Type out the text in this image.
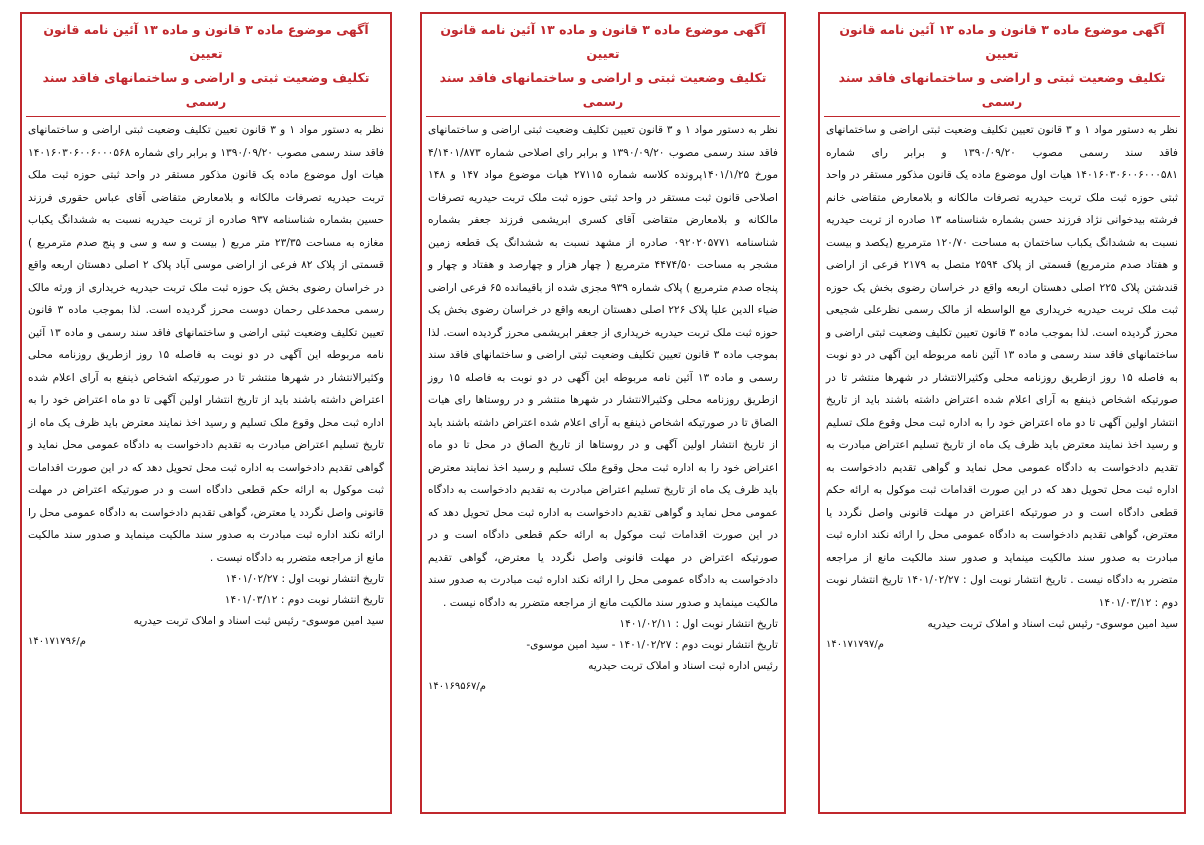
آگهی موضوع ماده ۳ قانون و ماده ۱۳ آئین نامه قانون تعیین
تکلیف وضعیت ثبتی و اراضی و ساختمانهای فاقد سند رسمی

نظر به دستور مواد ۱ و ۳ قانون تعیین تکلیف وضعیت ثبتی اراضی و ساختمانهای فاقد سند رسمی مصوب ۱۳۹۰/۰۹/۲۰ و برابر رای شماره ۱۴۰۱۶۰۳۰۶۰۰۶۰۰۰۵۸۱ هیات اول موضوع ماده یک قانون مذکور مستقر در واحد ثبتی حوزه ثبت ملک تربت حیدریه تصرفات مالکانه و بلامعارض متقاضی خانم فرشته بیدخوانی نژاد فرزند حسن بشماره شناسنامه ۱۳ صادره از تربت حیدریه نسبت به ششدانگ یکباب ساختمان به مساحت ۱۲۰/۷۰ مترمربع (یکصد و بیست و هفتاد صدم مترمربع) قسمتی از پلاک ۲۵۹۴ متصل به ۲۱۷۹ فرعی از اراضی قندشتن پلاک ۲۲۵ اصلی دهستان اربعه واقع در خراسان رضوی بخش یک حوزه ثبت ملک تربت حیدریه خریداری مع الواسطه از مالک رسمی نظرعلی شجیعی محرز گردیده است. لذا بموجب ماده ۳ قانون تعیین تکلیف وضعیت ثبتی اراضی و ساختمانهای فاقد سند رسمی و ماده ۱۳ آئین نامه مربوطه این آگهی در دو نوبت به فاصله ۱۵ روز ازطریق روزنامه محلی وکثیرالانتشار در شهرها منتشر تا در صورتیکه اشخاص ذینفع به آرای اعلام شده اعتراض داشته باشند باید از تاریخ انتشار اولین آگهی تا دو ماه اعتراض خود را به اداره ثبت محل وقوع ملک تسلیم و رسید اخذ نمایند معترض باید ظرف یک ماه از تاریخ تسلیم اعتراض مبادرت به تقدیم دادخواست به دادگاه عمومی محل نماید و گواهی تقدیم دادخواست به اداره ثبت محل تحویل دهد که در این صورت اقدامات ثبت موکول به ارائه حکم قطعی دادگاه است و در صورتیکه اعتراض در مهلت قانونی واصل نگردد یا معترض، گواهی تقدیم دادخواست به دادگاه عمومی محل را ارائه نکند اداره ثبت مبادرت به صدور سند مالکیت مینماید و صدور سند مالکیت مانع از مراجعه متضرر به دادگاه نیست . تاریخ انتشار نوبت اول : ۱۴۰۱/۰۲/۲۷ تاریخ انتشار نوبت دوم : ۱۴۰۱/۰۳/۱۲

سید امین موسوی- رئیس ثبت اسناد و املاک تربت حیدریه
م/۱۴۰۱۷۱۷۹۷

آگهی موضوع ماده ۳ قانون و ماده ۱۳ آئین نامه قانون تعیین
تکلیف وضعیت ثبتی و اراضی و ساختمانهای فاقد سند رسمی

نظر به دستور مواد ۱ و ۳ قانون تعیین تکلیف وضعیت ثبتی اراضی و ساختمانهای فاقد سند رسمی مصوب ۱۳۹۰/۰۹/۲۰ و برابر رای اصلاحی شماره ۴/۱۴۰۱/۸۷۳ مورخ ۱۴۰۱/۱/۲۵پرونده کلاسه شماره ۲۷۱۱۵ هیات موضوع مواد ۱۴۷ و ۱۴۸ اصلاحی قانون ثبت مستقر در واحد ثبتی حوزه ثبت ملک تربت حیدریه تصرفات مالکانه و بلامعارض متقاضی آقای کسری ابریشمی فرزند جعفر بشماره شناسنامه ۰۹۲۰۲۰۵۷۷۱ صادره از مشهد نسبت به ششدانگ یک قطعه زمین مشجر به مساحت ۴۴۷۴/۵۰ مترمربع ( چهار هزار و چهارصد و هفتاد و چهار و پنجاه صدم مترمربع ) پلاک شماره ۹۳۹ مجزی شده از باقیمانده ۶۵ فرعی اراضی ضیاء الدین علیا پلاک ۲۲۶ اصلی دهستان اربعه واقع در خراسان رضوی بخش یک حوزه ثبت ملک تربت حیدریه خریداری از جعفر ابریشمی محرز گردیده است. لذا بموجب ماده ۳ قانون تعیین تکلیف وضعیت ثبتی اراضی و ساختمانهای فاقد سند رسمی و ماده ۱۳ آئین نامه مربوطه این آگهی در دو نوبت به فاصله ۱۵ روز ازطریق روزنامه محلی وکثیرالانتشار در شهرها منتشر و در روستاها رای هیات الصاق تا در صورتیکه اشخاص ذینفع به آرای اعلام شده اعتراض داشته باشند باید از تاریخ انتشار اولین آگهی و در روستاها از تاریخ الصاق در محل تا دو ماه اعتراض خود را به اداره ثبت محل وقوع ملک تسلیم و رسید اخذ نمایند معترض باید ظرف یک ماه از تاریخ تسلیم اعتراض مبادرت به تقدیم دادخواست به دادگاه عمومی محل نماید و گواهی تقدیم دادخواست به اداره ثبت محل تحویل دهد که در این صورت اقدامات ثبت موکول به ارائه حکم قطعی دادگاه است و در صورتیکه اعتراض در مهلت قانونی واصل نگردد یا معترض، گواهی تقدیم دادخواست به دادگاه عمومی محل را ارائه نکند اداره ثبت مبادرت به صدور سند مالکیت مینماید و صدور سند مالکیت مانع از مراجعه متضرر به دادگاه نیست .

تاریخ انتشار نوبت اول : ۱۴۰۱/۰۲/۱۱
تاریخ انتشار نوبت دوم : ۱۴۰۱/۰۲/۲۷ - سید امین موسوی-
رئیس اداره ثبت اسناد و املاک تربت حیدریه
م/۱۴۰۱۶۹۵۶۷

آگهی موضوع ماده ۳ قانون و ماده ۱۳ آئین نامه قانون تعیین
تکلیف وضعیت ثبتی و اراضی و ساختمانهای فاقد سند رسمی

نظر به دستور مواد ۱ و ۳ قانون تعیین تکلیف وضعیت ثبتی اراضی و ساختمانهای فاقد سند رسمی مصوب ۱۳۹۰/۰۹/۲۰ و برابر رای شماره ۱۴۰۱۶۰۳۰۶۰۰۶۰۰۰۵۶۸ هیات اول موضوع ماده یک قانون مذکور مستقر در واحد ثبتی حوزه ثبت ملک تربت حیدریه تصرفات مالکانه و بلامعارض متقاضی آقای عباس حقوری فرزند حسین بشماره شناسنامه ۹۳۷ صادره از تربت حیدریه نسبت به ششدانگ یکباب مغازه به مساحت ۲۳/۳۵ متر مربع ( بیست و سه و سی و پنج صدم مترمربع ) قسمتی از پلاک ۸۲ فرعی از اراضی موسی آباد پلاک ۲ اصلی دهستان اربعه واقع در خراسان رضوی بخش یک حوزه ثبت ملک تربت حیدریه خریداری از ورثه مالک رسمی محمدعلی رحمان دوست محرز گردیده است. لذا بموجب ماده ۳ قانون تعیین تکلیف وضعیت ثبتی اراضی و ساختمانهای فاقد سند رسمی و ماده ۱۳ آئین نامه مربوطه این آگهی در دو نوبت به فاصله ۱۵ روز ازطریق روزنامه محلی وکثیرالانتشار در شهرها منتشر تا در صورتیکه اشخاص ذینفع به آرای اعلام شده اعتراض داشته باشند باید از تاریخ انتشار اولین آگهی تا دو ماه اعتراض خود را به اداره ثبت محل وقوع ملک تسلیم و رسید اخذ نمایند معترض باید ظرف یک ماه از تاریخ تسلیم اعتراض مبادرت به تقدیم دادخواست به دادگاه عمومی محل نماید و گواهی تقدیم دادخواست به اداره ثبت محل تحویل دهد که در این صورت اقدامات ثبت موکول به ارائه حکم قطعی دادگاه است و در صورتیکه اعتراض در مهلت قانونی واصل نگردد یا معترض، گواهی تقدیم دادخواست به دادگاه عمومی محل را ارائه نکند اداره ثبت مبادرت به صدور سند مالکیت مینماید و صدور سند مالکیت مانع از مراجعه متضرر به دادگاه نیست .

تاریخ انتشار نوبت اول : ۱۴۰۱/۰۲/۲۷
تاریخ انتشار نوبت دوم : ۱۴۰۱/۰۳/۱۲
سید امین موسوی- رئیس ثبت اسناد و املاک تربت حیدریه
م/۱۴۰۱۷۱۷۹۶
